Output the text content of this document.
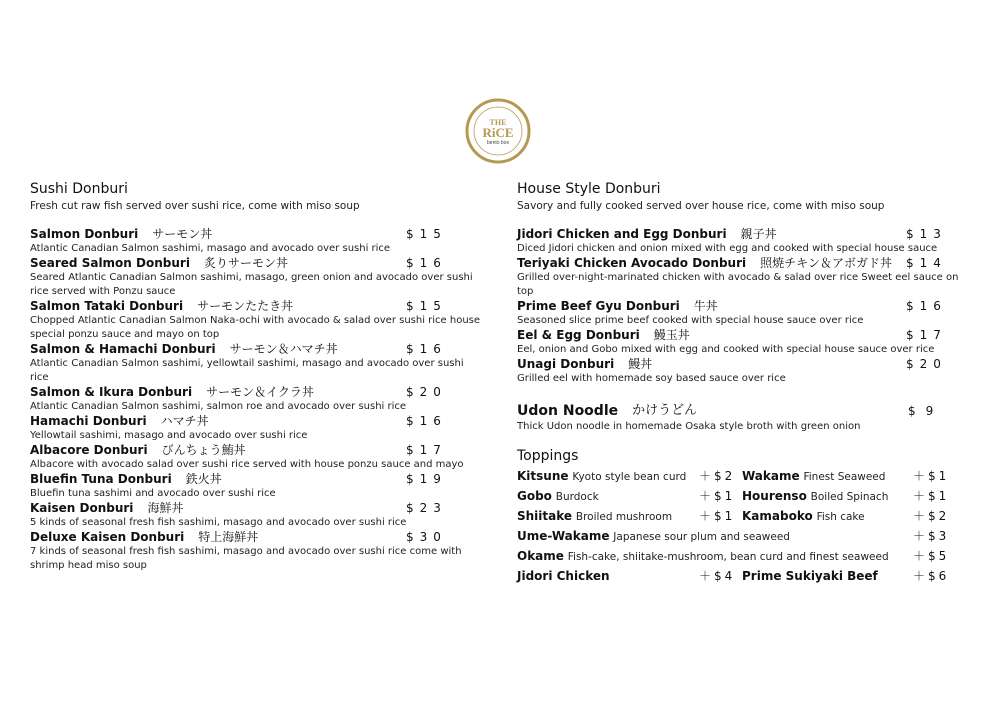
THE
RiCE
bento box
Sushi Donburi

Fresh cut raw fish served over sushi rice, come with miso soup

Salmon Donburi サーモン丼	$15

Atlantic Canadian Salmon sashimi, masago and avocado over sushi rice

Seared Salmon Donburi 炙りサーモン丼	$16

Seared Atlantic Canadian Salmon sashimi, masago, green onion and avocado over sushi rice served with Ponzu sauce

Salmon Tataki Donburi サーモンたたき丼	$15

Chopped Atlantic Canadian Salmon Naka-ochi with avocado & salad over sushi rice house special ponzu sauce and mayo on top

Salmon & Hamachi Donburi サーモン＆ハマチ丼	$16

Atlantic Canadian Salmon sashimi, yellowtail sashimi, masago and avocado over sushi rice

Salmon & Ikura Donburi サーモン＆イクラ丼	$20

Atlantic Canadian Salmon sashimi, salmon roe and avocado over sushi rice

Hamachi Donburi ハマチ丼	$16

Yellowtail sashimi, masago and avocado over sushi rice

Albacore Donburi びんちょう鮪丼	$17

Albacore with avocado salad over sushi rice served with house ponzu sauce and mayo

Bluefin Tuna Donburi 鉄火丼	$19

Bluefin tuna sashimi and avocado over sushi rice

Kaisen Donburi 海鮮丼	$23

5 kinds of seasonal fresh fish sashimi, masago and avocado over sushi rice

Deluxe Kaisen Donburi 特上海鮮丼	$30

7 kinds of seasonal fresh fish sashimi, masago and avocado over sushi rice come with shrimp head miso soup

House Style Donburi

Savory and fully cooked served over house rice, come with miso soup

Jidori Chicken and Egg Donburi 親子丼	$13

Diced Jidori chicken and onion mixed with egg and cooked with special house sauce

Teriyaki Chicken Avocado Donburi 照焼チキン＆アボガド丼 $14

Grilled over-night-marinated chicken with avocado & salad over rice Sweet eel sauce on top

Prime Beef Gyu Donburi 牛丼	$16

Seasoned slice prime beef cooked with special house sauce over rice

Eel & Egg Donburi 鰻玉丼	$17

Eel, onion and Gobo mixed with egg and cooked with special house sauce over rice

Unagi Donburi 鰻丼	$20

Grilled eel with homemade soy based sauce over rice

Udon Noodle かけうどん	$9

Thick Udon noodle in homemade Osaka style broth with green onion

Toppings
Kitsune Kyoto style bean curd ＋$2 Wakame Finest Seaweed ＋$1
Gobo Burdock	＋$1 Hourenso Boiled Spinach ＋$1
Shiitake Broiled mushroom ＋$1 Kamaboko Fish cake	＋$2
Ume-Wakame Japanese sour plum and seaweed	＋$3
Okame Fish-cake, shiitake-mushroom, bean curd and finest seaweed ＋$5
Jidori Chicken	＋$4 Prime Sukiyaki Beef	＋$6
